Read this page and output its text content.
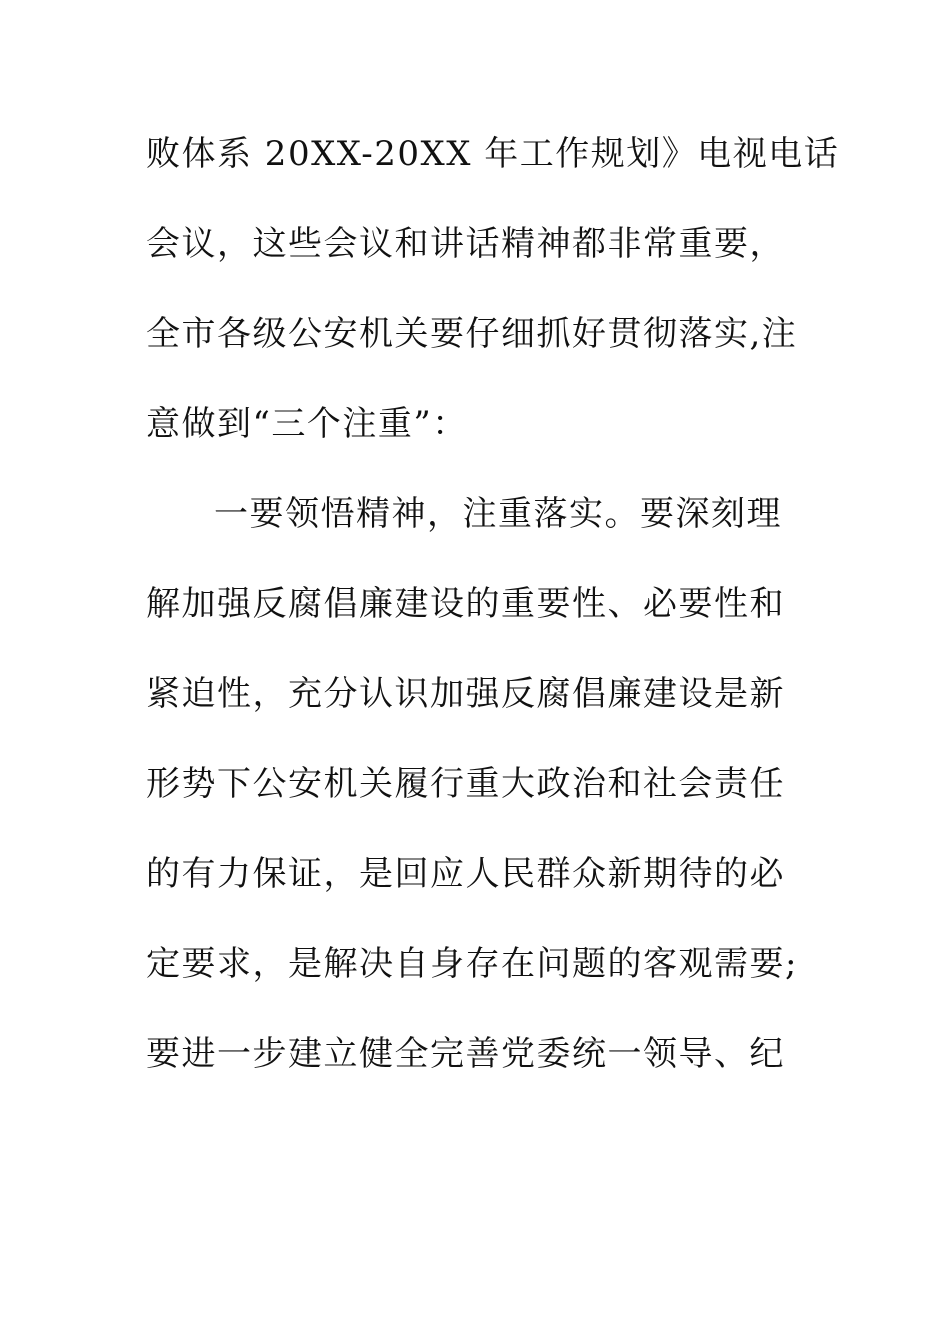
败体系 20XX-20XX 年工作规划》电视电话
会议，这些会议和讲话精神都非常重要，
全市各级公安机关要仔细抓好贯彻落实,注
意做到“三个注重”：
一要领悟精神，注重落实。要深刻理
解加强反腐倡廉建设的重要性、必要性和
紧迫性，充分认识加强反腐倡廉建设是新
形势下公安机关履行重大政治和社会责任
的有力保证，是回应人民群众新期待的必
定要求，是解决自身存在问题的客观需要;
要进一步建立健全完善党委统一领导、纪
